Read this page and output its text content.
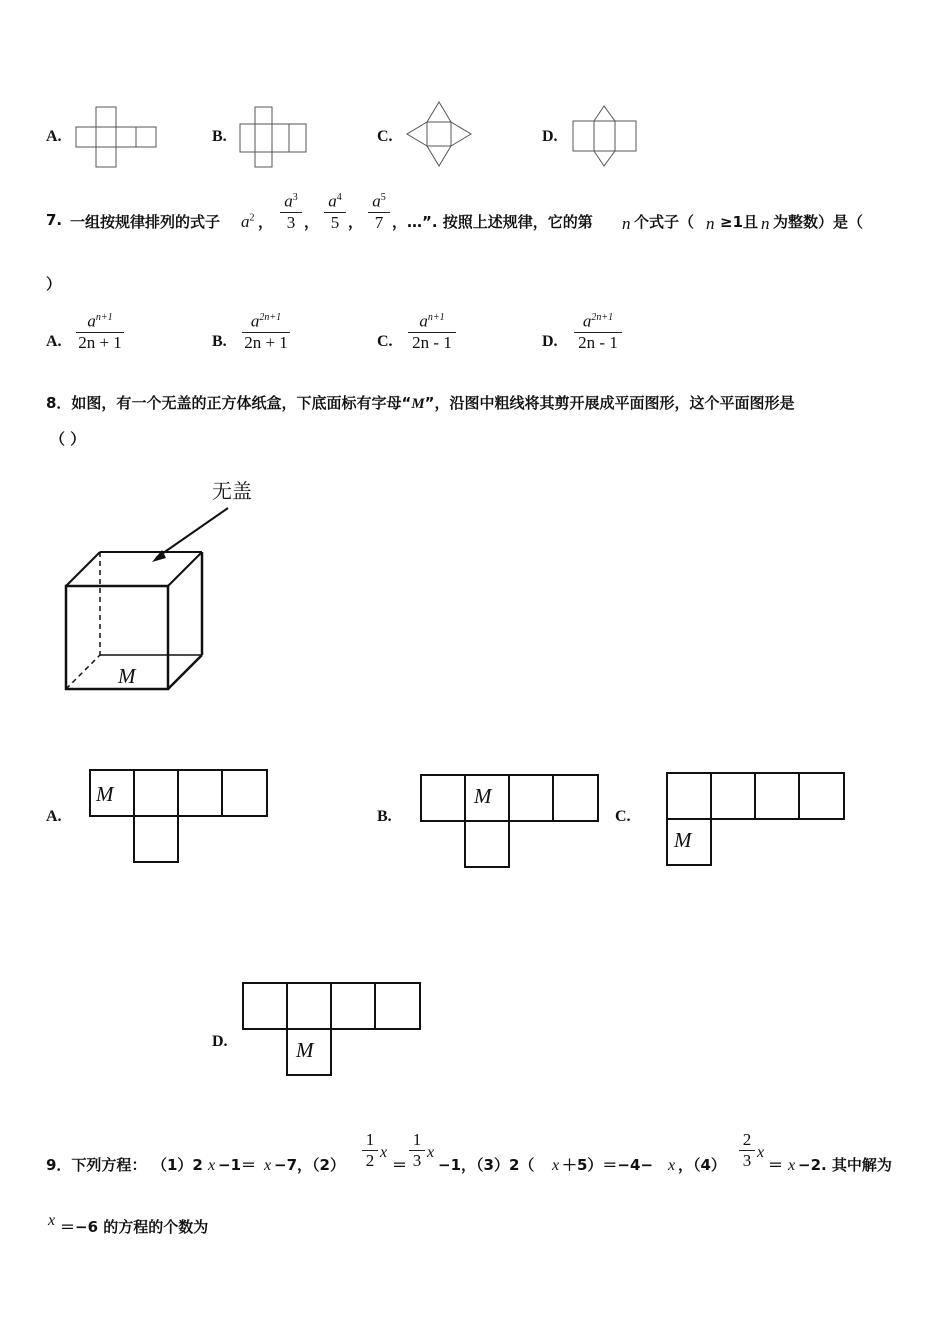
A.	B.	C.	D.
7. 一组按规律排列的式子 $a^2$ ，
$a^3$
3 ，
$a^4$
5 ，
$a^5$
7 ，…”. 按照上述规律，它的第 n 个式子（ n ≥1且 n 为整数）是（
）
A.
$a^{n+1}$
2n + 1	B.
$a^{2n+1}$
2n + 1	C.
$a^{n+1}$
2n - 1	D.
$a^{2n+1}$
2n - 1
8．如图，有一个无盖的正方体纸盒，下底面标有字母“M”，沿图中粗线将其剪开展成平面图形，这个平面图形是
（ ）
无盖
M
A.
M
B.
M
C.
M
D.	M
9．下列方程： （1）2 x −1＝ x −7，（2）
1
2 x
＝
1
3 x
−1，（3）2（ x ＋5）＝−4− x ，（4）
2
3 x
＝ x −2. 其中解为
x ＝−6 的方程的个数为
